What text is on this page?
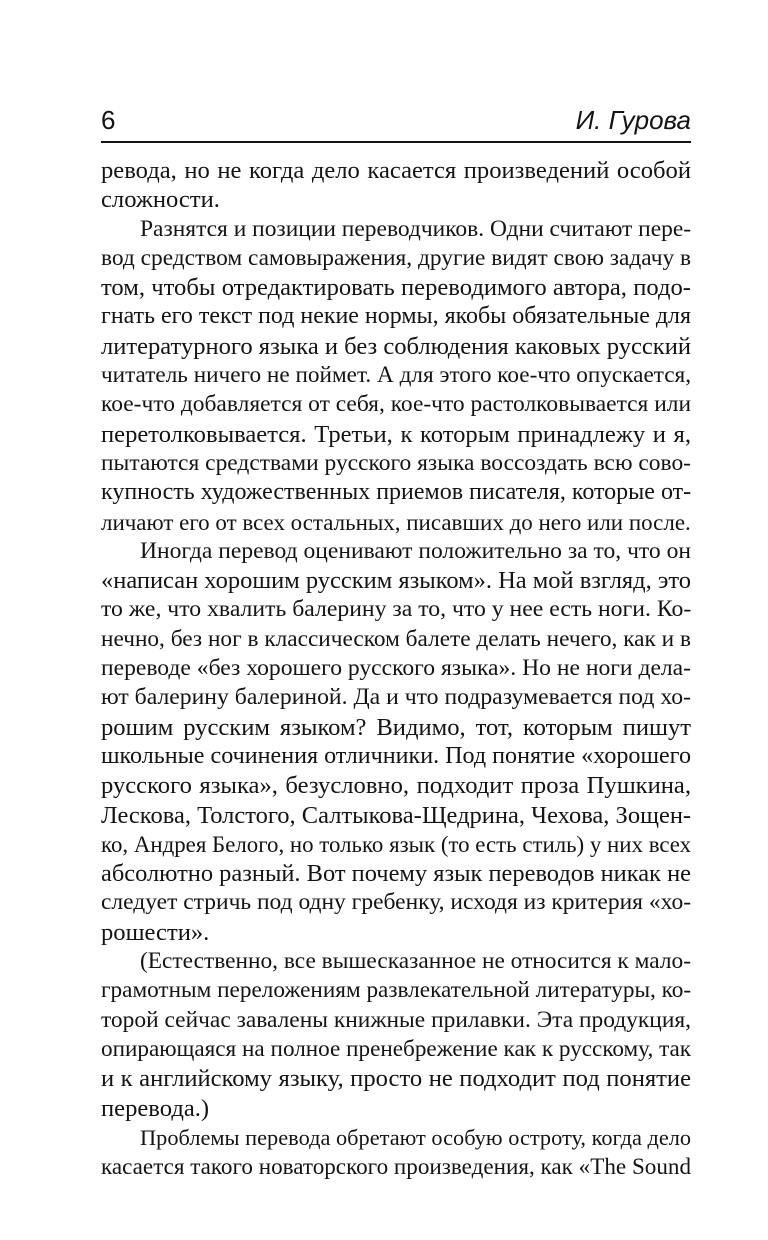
6	И. Гурова
ревода, но не когда дело касается произведений особой
сложности.
Разнятся и позиции переводчиков. Одни считают пере-
вод средством самовыражения, другие видят свою задачу в
том, чтобы отредактировать переводимого автора, подо-
гнать его текст под некие нормы, якобы обязательные для
литературного языка и без соблюдения каковых русский
читатель ничего не поймет. А для этого кое-что опускается,
кое-что добавляется от себя, кое-что растолковывается или
перетолковывается. Третьи, к которым принадлежу и я,
пытаются средствами русского языка воссоздать всю сово-
купность художественных приемов писателя, которые от-
личают его от всех остальных, писавших до него или после.
Иногда перевод оценивают положительно за то, что он
«написан хорошим русским языком». На мой взгляд, это
то же, что хвалить балерину за то, что у нее есть ноги. Ко-
нечно, без ног в классическом балете делать нечего, как и в
переводе «без хорошего русского языка». Но не ноги дела-
ют балерину балериной. Да и что подразумевается под хо-
рошим русским языком? Видимо, тот, которым пишут
школьные сочинения отличники. Под понятие «хорошего
русского языка», безусловно, подходит проза Пушкина,
Лескова, Толстого, Салтыкова-Щедрина, Чехова, Зощен-
ко, Андрея Белого, но только язык (то есть стиль) у них всех
абсолютно разный. Вот почему язык переводов никак не
следует стричь под одну гребенку, исходя из критерия «хо-
рошести».
(Естественно, все вышесказанное не относится к мало-
грамотным переложениям развлекательной литературы, ко-
торой сейчас завалены книжные прилавки. Эта продукция,
опирающаяся на полное пренебрежение как к русскому, так
и к английскому языку, просто не подходит под понятие
перевода.)
Проблемы перевода обретают особую остроту, когда дело
касается такого новаторского произведения, как «The Sound
